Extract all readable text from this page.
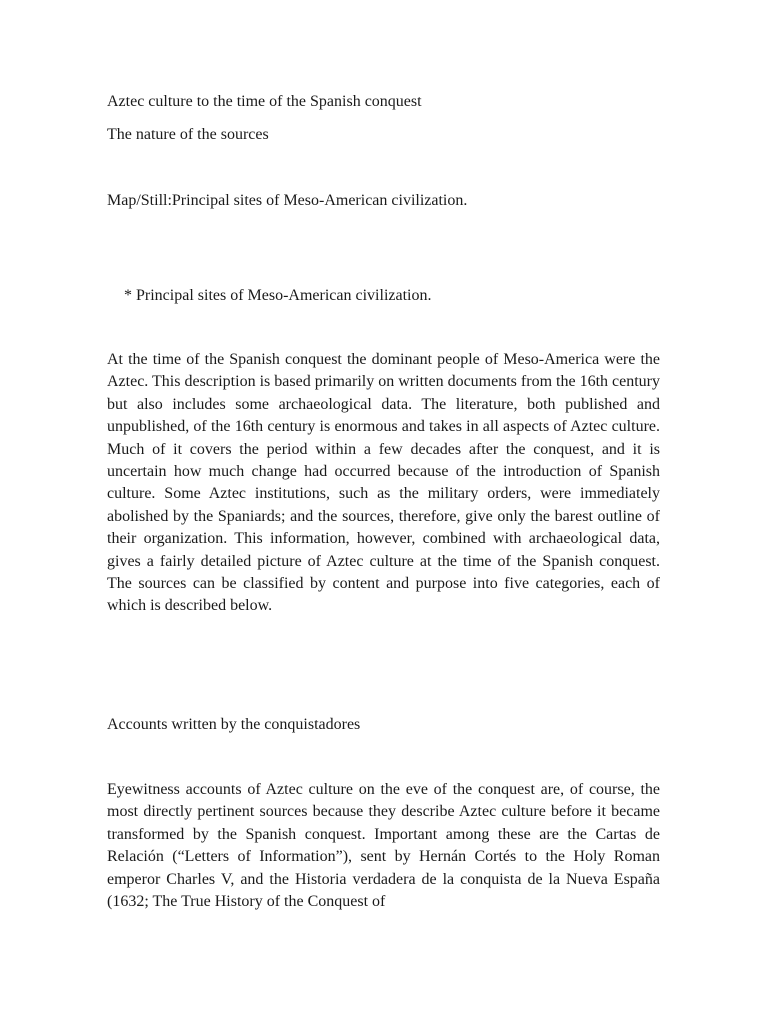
Aztec culture to the time of the Spanish conquest

The nature of the sources

Map/Still:Principal sites of Meso-American civilization.

* Principal sites of Meso-American civilization.

At the time of the Spanish conquest the dominant people of Meso-America were the Aztec. This description is based primarily on written documents from the 16th century but also includes some archaeological data. The literature, both published and unpublished, of the 16th century is enormous and takes in all aspects of Aztec culture. Much of it covers the period within a few decades after the conquest, and it is uncertain how much change had occurred because of the introduction of Spanish culture. Some Aztec institutions, such as the military orders, were immediately abolished by the Spaniards; and the sources, therefore, give only the barest outline of their organization. This information, however, combined with archaeological data, gives a fairly detailed picture of Aztec culture at the time of the Spanish conquest. The sources can be classified by content and purpose into five categories, each of which is described below.

Accounts written by the conquistadores

Eyewitness accounts of Aztec culture on the eve of the conquest are, of course, the most directly pertinent sources because they describe Aztec culture before it became transformed by the Spanish conquest. Important among these are the Cartas de Relación (“Letters of Information”), sent by Hernán Cortés to the Holy Roman emperor Charles V, and the Historia verdadera de la conquista de la Nueva España (1632; The True History of the Conquest of
